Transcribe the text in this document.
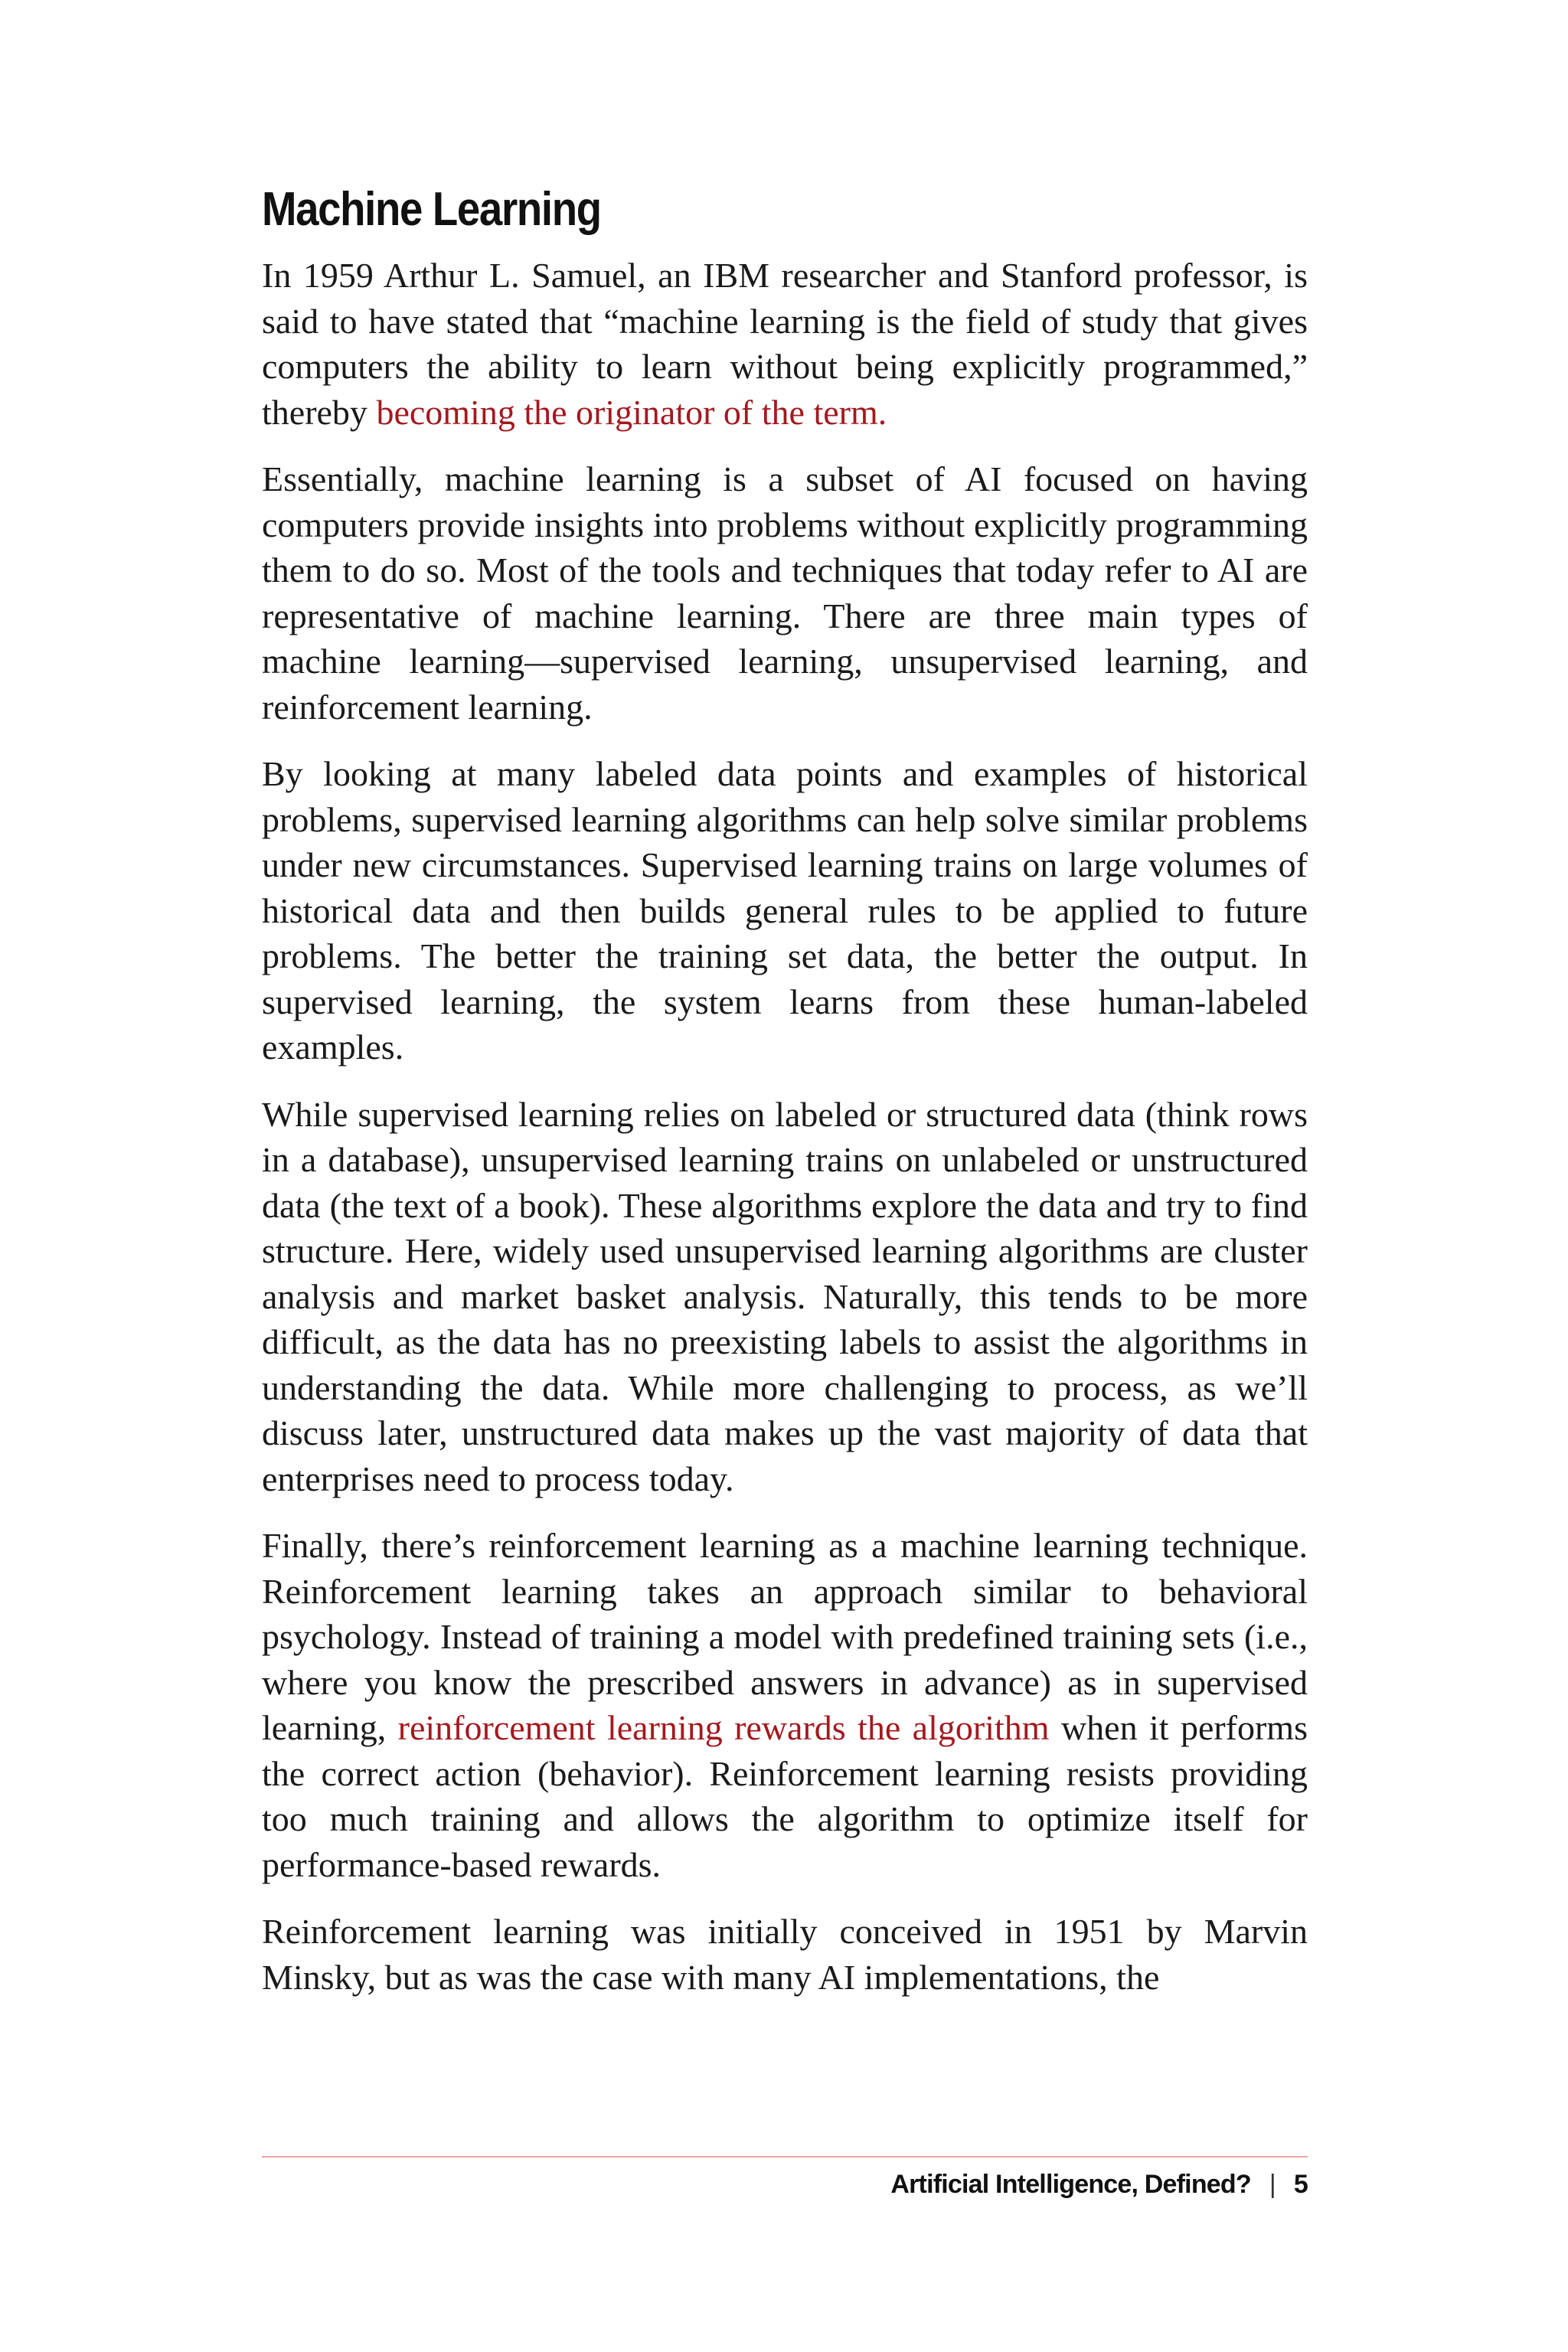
Machine Learning

In 1959 Arthur L. Samuel, an IBM researcher and Stanford professor, is said to have stated that “machine learning is the field of study that gives computers the ability to learn without being explicitly programmed,” thereby becoming the originator of the term.

Essentially, machine learning is a subset of AI focused on having computers provide insights into problems without explicitly programming them to do so. Most of the tools and techniques that today refer to AI are representative of machine learning. There are three main types of machine learning—supervised learning, unsupervised learning, and reinforcement learning.

By looking at many labeled data points and examples of historical problems, supervised learning algorithms can help solve similar problems under new circumstances. Supervised learning trains on large volumes of historical data and then builds general rules to be applied to future problems. The better the training set data, the better the output. In supervised learning, the system learns from these human-labeled examples.

While supervised learning relies on labeled or structured data (think rows in a database), unsupervised learning trains on unlabeled or unstructured data (the text of a book). These algorithms explore the data and try to find structure. Here, widely used unsupervised learning algorithms are cluster analysis and market basket analysis. Naturally, this tends to be more difficult, as the data has no preexisting labels to assist the algorithms in understanding the data. While more challenging to process, as we’ll discuss later, unstructured data makes up the vast majority of data that enterprises need to process today.

Finally, there’s reinforcement learning as a machine learning technique. Reinforcement learning takes an approach similar to behavioral psychology. Instead of training a model with predefined training sets (i.e., where you know the prescribed answers in advance) as in supervised learning, reinforcement learning rewards the algorithm when it performs the correct action (behavior). Reinforcement learning resists providing too much training and allows the algorithm to optimize itself for performance-based rewards.

Reinforcement learning was initially conceived in 1951 by Marvin Minsky, but as was the case with many AI implementations, the

Artificial Intelligence, Defined? | 5
